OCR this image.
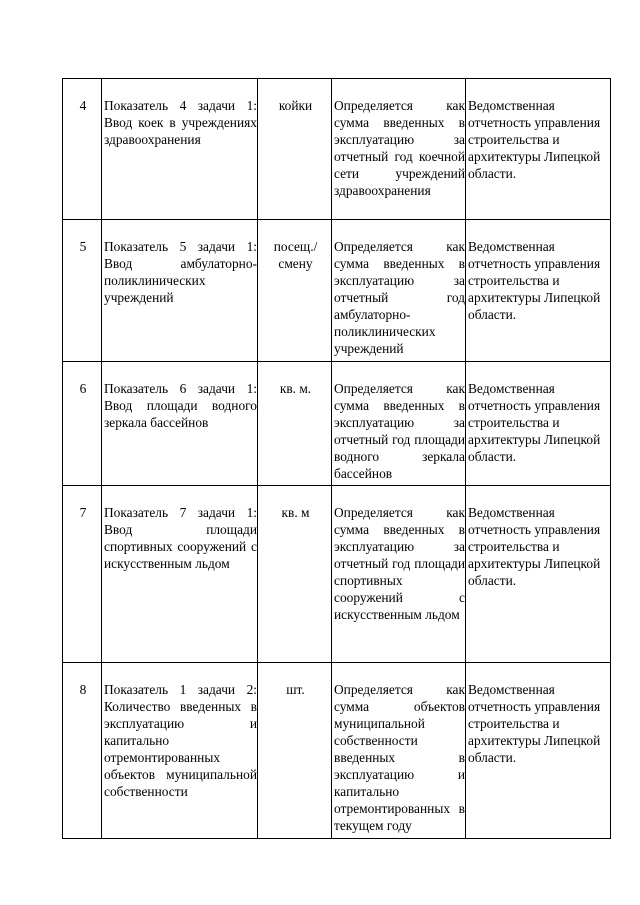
4	Показатель 4 задачи 1: Ввод коек в учреждениях здравоохранения	койки	Определяется как сумма введенных в эксплуатацию за отчетный год коечной сети учреждений здравоохранения	Ведомственная отчетность управления строительства и архитектуры Липецкой области.
5	Показатель 5 задачи 1: Ввод амбулаторно-поликлинических учреждений	посещ./смену	Определяется как сумма введенных в эксплуатацию за отчетный год амбулаторно-поликлинических учреждений	Ведомственная отчетность управления строительства и архитектуры Липецкой области.
6	Показатель 6 задачи 1: Ввод площади водного зеркала бассейнов	кв. м.	Определяется как сумма введенных в эксплуатацию за отчетный год площади водного зеркала бассейнов	Ведомственная отчетность управления строительства и архитектуры Липецкой области.
7	Показатель 7 задачи 1: Ввод площади спортивных сооружений с искусственным льдом	кв. м	Определяется как сумма введенных в эксплуатацию за отчетный год площади спортивных сооружений с искусственным льдом	Ведомственная отчетность управления строительства и архитектуры Липецкой области.
8	Показатель 1 задачи 2: Количество введенных в эксплуатацию и капитально отремонтированных объектов муниципальной собственности	шт.	Определяется как сумма объектов муниципальной собственности введенных в эксплуатацию и капитально отремонтированных в текущем году	Ведомственная отчетность управления строительства и архитектуры Липецкой области.
